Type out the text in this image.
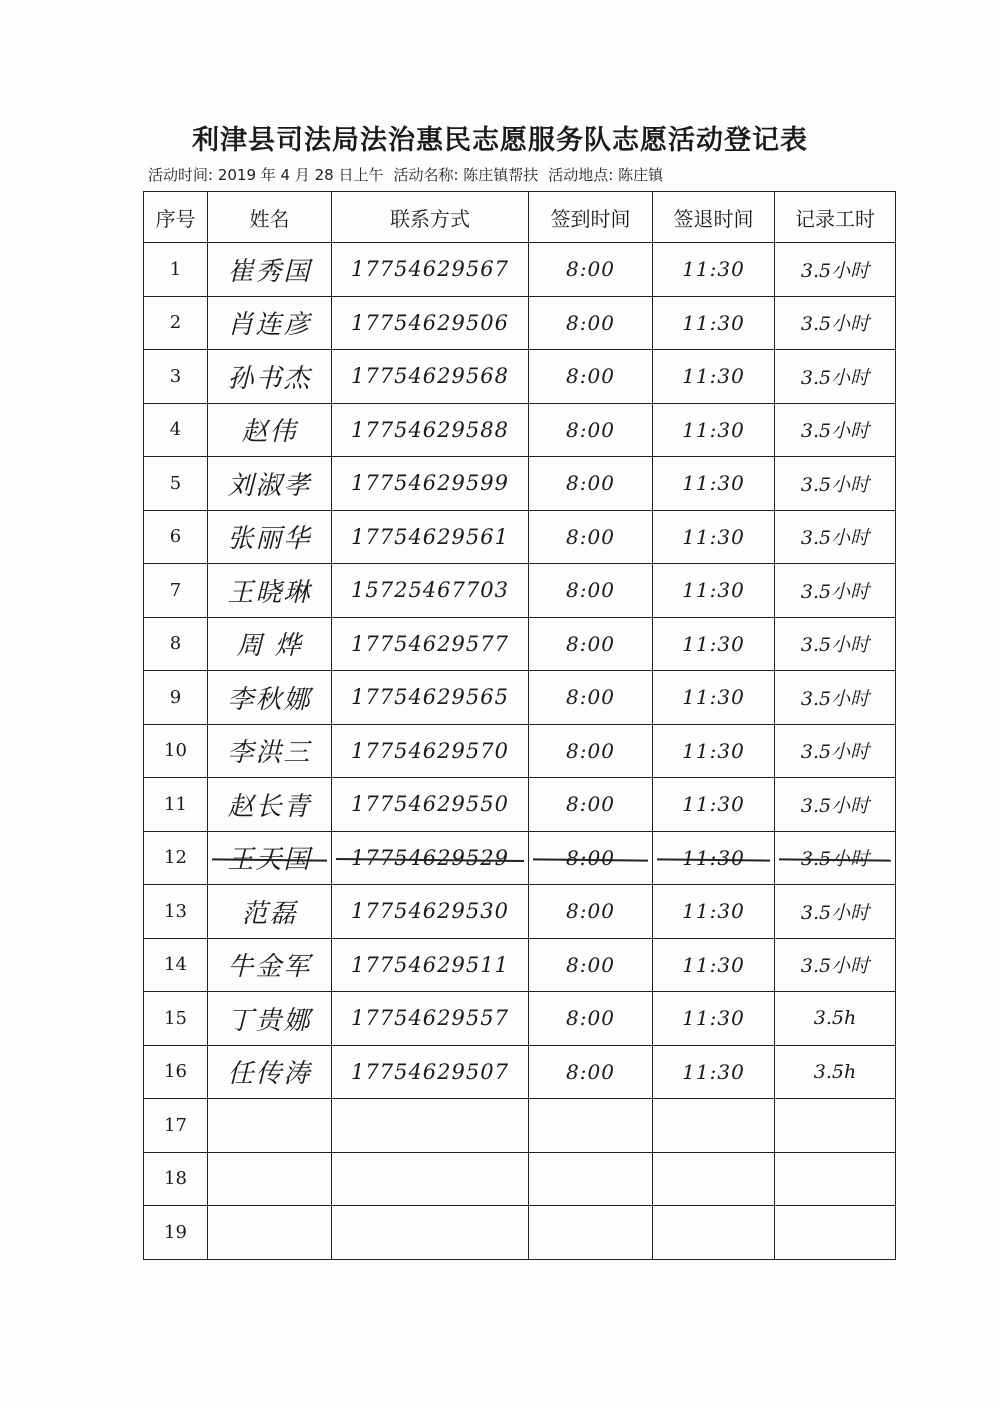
利津县司法局法治惠民志愿服务队志愿活动登记表
活动时间: 2019 年 4 月 28 日上午 活动名称: 陈庄镇帮扶 活动地点: 陈庄镇
序号	姓名	联系方式	签到时间	签退时间	记录工时
1	崔秀国	17754629567	8:00	11:30	3.5小时
2	肖连彦	17754629506	8:00	11:30	3.5小时
3	孙书杰	17754629568	8:00	11:30	3.5小时
4	赵伟	17754629588	8:00	11:30	3.5小时
5	刘淑孝	17754629599	8:00	11:30	3.5小时
6	张丽华	17754629561	8:00	11:30	3.5小时
7	王晓琳	15725467703	8:00	11:30	3.5小时
8	周 烨	17754629577	8:00	11:30	3.5小时
9	李秋娜	17754629565	8:00	11:30	3.5小时
10	李洪三	17754629570	8:00	11:30	3.5小时
11	赵长青	17754629550	8:00	11:30	3.5小时
12	王天国	17754629529	8:00	11:30	3.5小时
13	范磊	17754629530	8:00	11:30	3.5小时
14	牛金军	17754629511	8:00	11:30	3.5小时
15	丁贵娜	17754629557	8:00	11:30	3.5h
16	任传涛	17754629507	8:00	11:30	3.5h
17					
18					
19					
